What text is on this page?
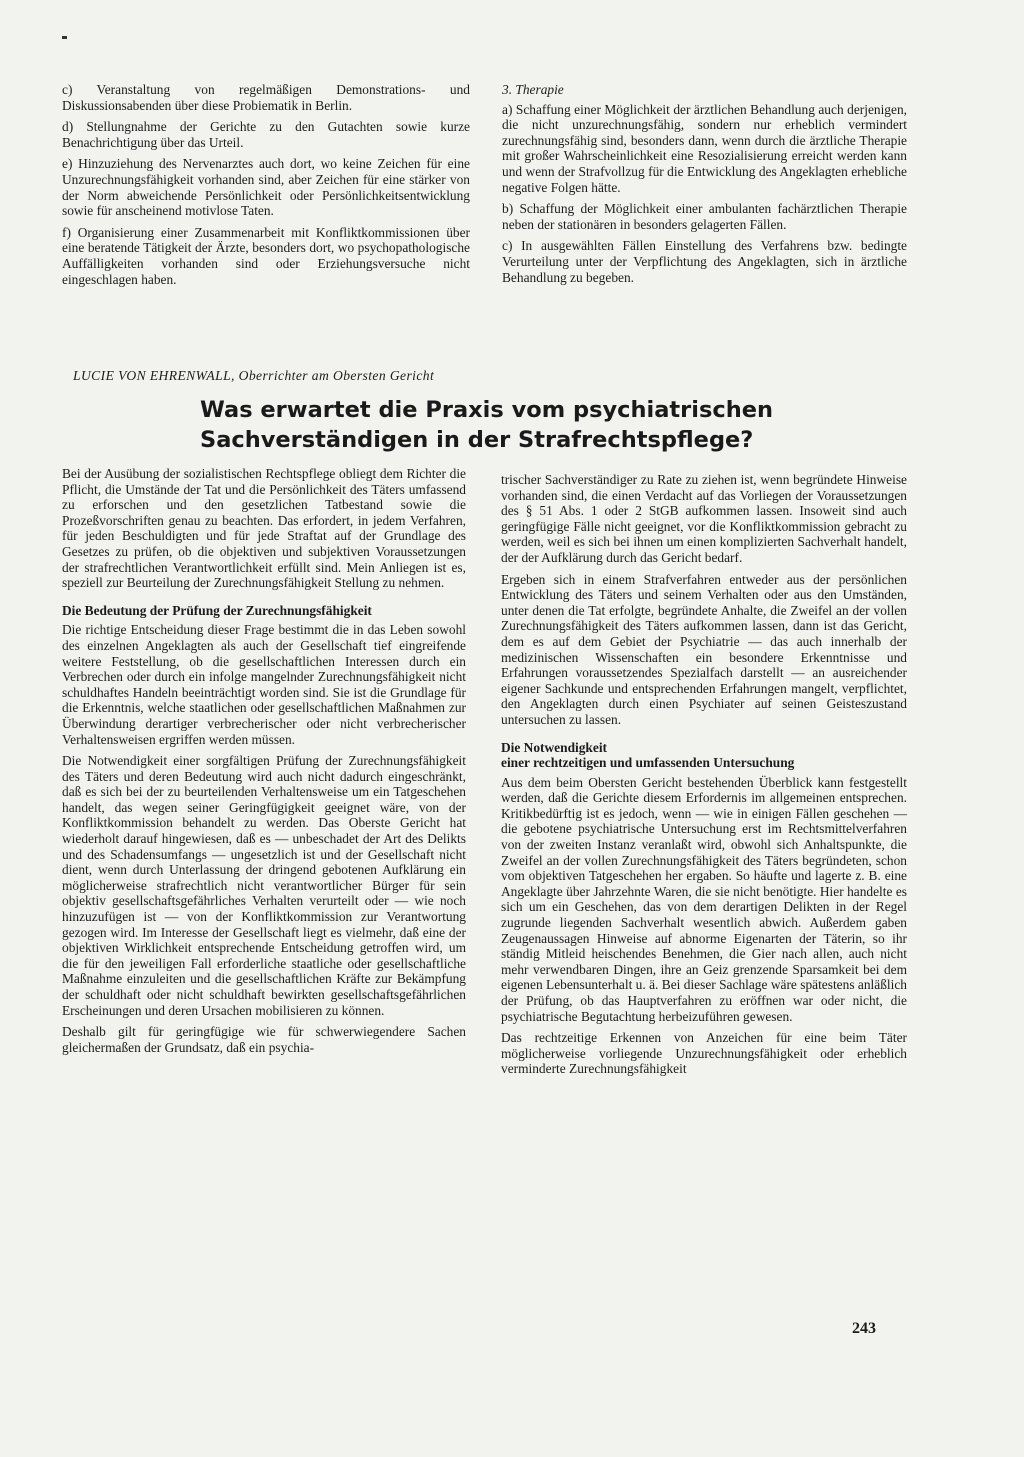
c) Veranstaltung von regelmäßigen Demonstrations- und Diskussionsabenden über diese Probiematik in Berlin.

d) Stellungnahme der Gerichte zu den Gutachten sowie kurze Benachrichtigung über das Urteil.

e) Hinzuziehung des Nervenarztes auch dort, wo keine Zeichen für eine Unzurechnungsfähigkeit vorhanden sind, aber Zeichen für eine stärker von der Norm abweichende Persönlichkeit oder Persönlichkeitsentwicklung sowie für anscheinend motivlose Taten.

f) Organisierung einer Zusammenarbeit mit Konfliktkommissionen über eine beratende Tätigkeit der Ärzte, besonders dort, wo psychopathologische Auffälligkeiten vorhanden sind oder Erziehungsversuche nicht eingeschlagen haben.

3. Therapie

a) Schaffung einer Möglichkeit der ärztlichen Behandlung auch derjenigen, die nicht unzurechnungsfähig, sondern nur erheblich vermindert zurechnungsfähig sind, besonders dann, wenn durch die ärztliche Therapie mit großer Wahrscheinlichkeit eine Resozialisierung erreicht werden kann und wenn der Strafvollzug für die Entwicklung des Angeklagten erhebliche negative Folgen hätte.

b) Schaffung der Möglichkeit einer ambulanten fachärztlichen Therapie neben der stationären in besonders gelagerten Fällen.

c) In ausgewählten Fällen Einstellung des Verfahrens bzw. bedingte Verurteilung unter der Verpflichtung des Angeklagten, sich in ärztliche Behandlung zu begeben.

LUCIE VON EHRENWALL, Oberrichter am Obersten Gericht
Was erwartet die Praxis vom psychiatrischen
Sachverständigen in der Strafrechtspflege?

Bei der Ausübung der sozialistischen Rechtspflege obliegt dem Richter die Pflicht, die Umstände der Tat und die Persönlichkeit des Täters umfassend zu erforschen und den gesetzlichen Tatbestand sowie die Prozeßvorschriften genau zu beachten. Das erfordert, in jedem Verfahren, für jeden Beschuldigten und für jede Straftat auf der Grundlage des Gesetzes zu prüfen, ob die objektiven und subjektiven Voraussetzungen der strafrechtlichen Verantwortlichkeit erfüllt sind. Mein Anliegen ist es, speziell zur Beurteilung der Zurechnungsfähigkeit Stellung zu nehmen.

Die Bedeutung der Prüfung der Zurechnungsfähigkeit

Die richtige Entscheidung dieser Frage bestimmt die in das Leben sowohl des einzelnen Angeklagten als auch der Gesellschaft tief eingreifende weitere Feststellung, ob die gesellschaftlichen Interessen durch ein Verbrechen oder durch ein infolge mangelnder Zurechnungsfähigkeit nicht schuldhaftes Handeln beeinträchtigt worden sind. Sie ist die Grundlage für die Erkenntnis, welche staatlichen oder gesellschaftlichen Maßnahmen zur Überwindung derartiger verbrecherischer oder nicht verbrecherischer Verhaltensweisen ergriffen werden müssen.

Die Notwendigkeit einer sorgfältigen Prüfung der Zurechnungsfähigkeit des Täters und deren Bedeutung wird auch nicht dadurch eingeschränkt, daß es sich bei der zu beurteilenden Verhaltensweise um ein Tatgeschehen handelt, das wegen seiner Geringfügigkeit geeignet wäre, von der Konfliktkommission behandelt zu werden. Das Oberste Gericht hat wiederholt darauf hingewiesen, daß es — unbeschadet der Art des Delikts und des Schadensumfangs — ungesetzlich ist und der Gesellschaft nicht dient, wenn durch Unterlassung der dringend gebotenen Aufklärung ein möglicherweise strafrechtlich nicht verantwortlicher Bürger für sein objektiv gesellschaftsgefährliches Verhalten verurteilt oder — wie noch hinzuzufügen ist — von der Konfliktkommission zur Verantwortung gezogen wird. Im Interesse der Gesellschaft liegt es vielmehr, daß eine der objektiven Wirklichkeit entsprechende Entscheidung getroffen wird, um die für den jeweiligen Fall erforderliche staatliche oder gesellschaftliche Maßnahme einzuleiten und die gesellschaftlichen Kräfte zur Bekämpfung der schuldhaft oder nicht schuldhaft bewirkten gesellschaftsgefährlichen Erscheinungen und deren Ursachen mobilisieren zu können.

Deshalb gilt für geringfügige wie für schwerwiegendere Sachen gleichermaßen der Grundsatz, daß ein psychia-

trischer Sachverständiger zu Rate zu ziehen ist, wenn begründete Hinweise vorhanden sind, die einen Verdacht auf das Vorliegen der Voraussetzungen des § 51 Abs. 1 oder 2 StGB aufkommen lassen. Insoweit sind auch geringfügige Fälle nicht geeignet, vor die Konfliktkommission gebracht zu werden, weil es sich bei ihnen um einen komplizierten Sachverhalt handelt, der der Aufklärung durch das Gericht bedarf.

Ergeben sich in einem Strafverfahren entweder aus der persönlichen Entwicklung des Täters und seinem Verhalten oder aus den Umständen, unter denen die Tat erfolgte, begründete Anhalte, die Zweifel an der vollen Zurechnungsfähigkeit des Täters aufkommen lassen, dann ist das Gericht, dem es auf dem Gebiet der Psychiatrie — das auch innerhalb der medizinischen Wissenschaften ein besondere Erkenntnisse und Erfahrungen voraussetzendes Spezialfach darstellt — an ausreichender eigener Sachkunde und entsprechenden Erfahrungen mangelt, verpflichtet, den Angeklagten durch einen Psychiater auf seinen Geisteszustand untersuchen zu lassen.

Die Notwendigkeit
einer rechtzeitigen und umfassenden Untersuchung

Aus dem beim Obersten Gericht bestehenden Überblick kann festgestellt werden, daß die Gerichte diesem Erfordernis im allgemeinen entsprechen. Kritikbedürftig ist es jedoch, wenn — wie in einigen Fällen geschehen — die gebotene psychiatrische Untersuchung erst im Rechtsmittelverfahren von der zweiten Instanz veranlaßt wird, obwohl sich Anhaltspunkte, die Zweifel an der vollen Zurechnungsfähigkeit des Täters begründeten, schon vom objektiven Tatgeschehen her ergaben. So häufte und lagerte z. B. eine Angeklagte über Jahrzehnte Waren, die sie nicht benötigte. Hier handelte es sich um ein Geschehen, das von dem derartigen Delikten in der Regel zugrunde liegenden Sachverhalt wesentlich abwich. Außerdem gaben Zeugenaussagen Hinweise auf abnorme Eigenarten der Täterin, so ihr ständig Mitleid heischendes Benehmen, die Gier nach allen, auch nicht mehr verwendbaren Dingen, ihre an Geiz grenzende Sparsamkeit bei dem eigenen Lebensunterhalt u. ä. Bei dieser Sachlage wäre spätestens anläßlich der Prüfung, ob das Hauptverfahren zu eröffnen war oder nicht, die psychiatrische Begutachtung herbeizuführen gewesen.

Das rechtzeitige Erkennen von Anzeichen für eine beim Täter möglicherweise vorliegende Unzurechnungsfähigkeit oder erheblich verminderte Zurechnungsfähigkeit

243
